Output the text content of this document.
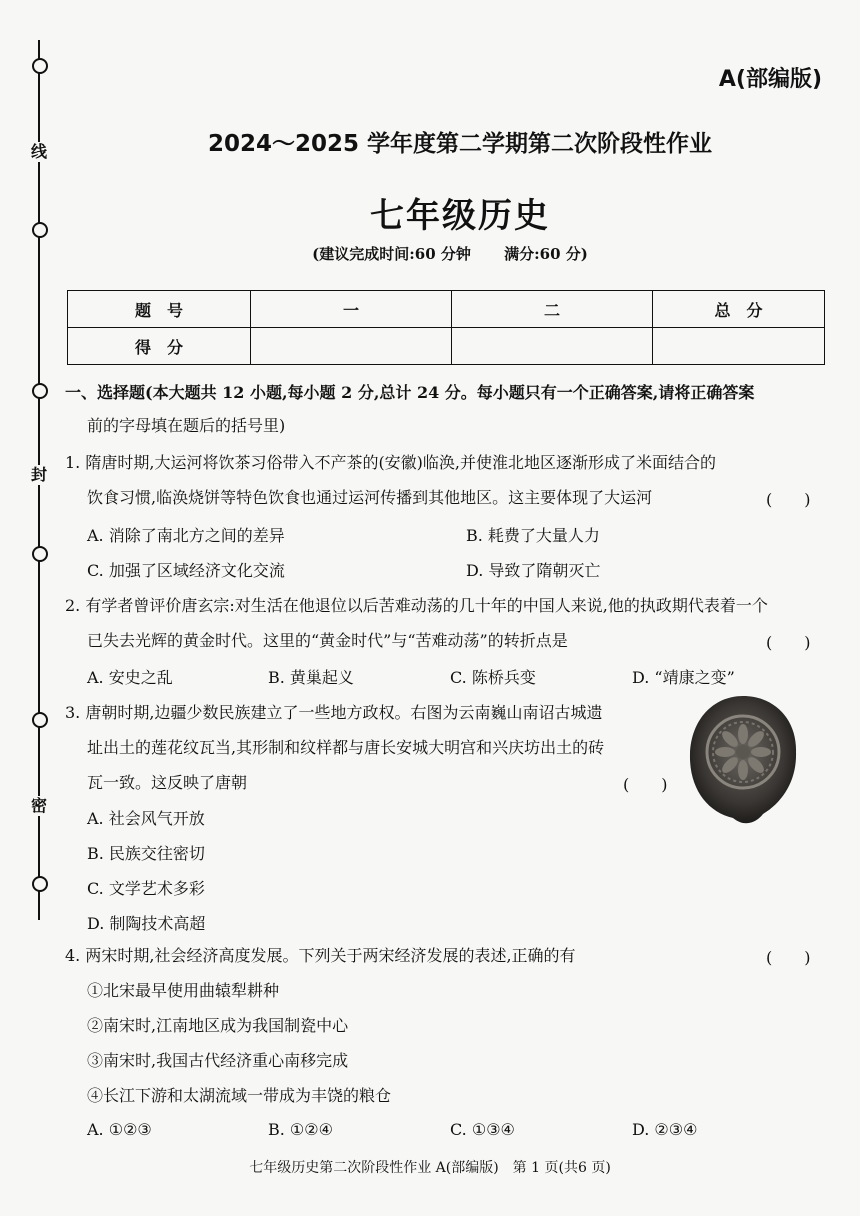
线
封
密
A(部编版)
2024～2025 学年度第二学期第二次阶段性作业
七年级历史
(建议完成时间:60 分钟 满分:60 分)
题　号	一	二	总　分
得　分			
一、选择题(本大题共 12 小题,每小题 2 分,总计 24 分。每小题只有一个正确答案,请将正确答案
前的字母填在题后的括号里)
1. 隋唐时期,大运河将饮茶习俗带入不产茶的(安徽)临涣,并使淮北地区逐渐形成了米面结合的
饮食习惯,临涣烧饼等特色饮食也通过运河传播到其他地区。这主要体现了大运河	(　　)
A. 消除了南北方之间的差异	B. 耗费了大量人力
C. 加强了区域经济文化交流	D. 导致了隋朝灭亡
2. 有学者曾评价唐玄宗:对生活在他退位以后苦难动荡的几十年的中国人来说,他的执政期代表着一个
已失去光辉的黄金时代。这里的“黄金时代”与“苦难动荡”的转折点是	(　　)
A. 安史之乱	B. 黄巢起义	C. 陈桥兵变	D. “靖康之变”
3. 唐朝时期,边疆少数民族建立了一些地方政权。右图为云南巍山南诏古城遗
址出土的莲花纹瓦当,其形制和纹样都与唐长安城大明宫和兴庆坊出土的砖
瓦一致。这反映了唐朝	(　　)
A. 社会风气开放
B. 民族交往密切
C. 文学艺术多彩
D. 制陶技术高超
4. 两宋时期,社会经济高度发展。下列关于两宋经济发展的表述,正确的有	(　　)
①北宋最早使用曲辕犁耕种
②南宋时,江南地区成为我国制瓷中心
③南宋时,我国古代经济重心南移完成
④长江下游和太湖流域一带成为丰饶的粮仓
A. ①②③	B. ①②④	C. ①③④	D. ②③④
七年级历史第二次阶段性作业 A(部编版)　第 1 页(共6 页)
